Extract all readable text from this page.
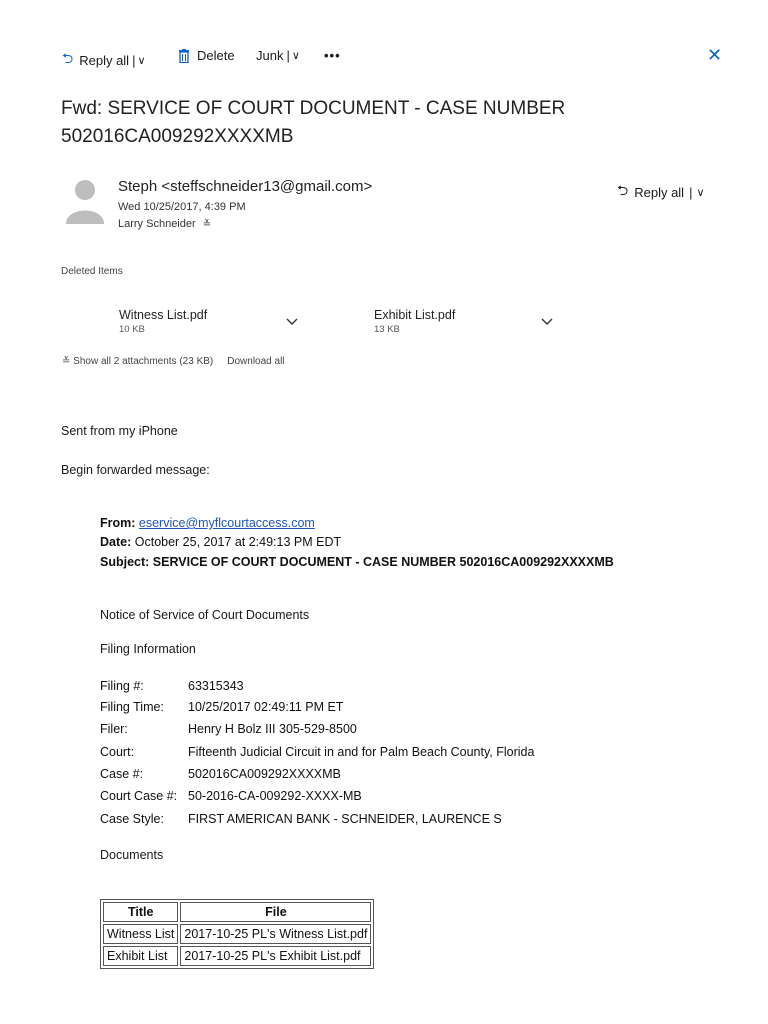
⮌ Reply all | ∨	Delete Junk | ∨ •••	✕
Fwd: SERVICE OF COURT DOCUMENT - CASE NUMBER
502016CA009292XXXXMB
Steph <steffschneider13@gmail.com>
Wed 10/25/2017, 4:39 PM
Larry Schneider ≚
⮌ Reply all | ∨
Deleted Items
Witness List.pdf
10 KB
Exhibit List.pdf
13 KB
≚ Show all 2 attachments (23 KB) Download all
Sent from my iPhone
Begin forwarded message:
From: eservice@myflcourtaccess.com
Date: October 25, 2017 at 2:49:13 PM EDT
Subject: SERVICE OF COURT DOCUMENT - CASE NUMBER 502016CA009292XXXXMB
Notice of Service of Court Documents
Filing Information
Filing #:	63315343
Filing Time: 10/25/2017 02:49:11 PM ET
Filer:	Henry H Bolz III 305-529-8500
Court:	Fifteenth Judicial Circuit in and for Palm Beach County, Florida
Case #:	502016CA009292XXXXMB
Court Case #: 50-2016-CA-009292-XXXX-MB
Case Style: FIRST AMERICAN BANK - SCHNEIDER, LAURENCE S
Documents
Title	File
Witness List	2017-10-25 PL's Witness List.pdf
Exhibit List	2017-10-25 PL's Exhibit List.pdf
